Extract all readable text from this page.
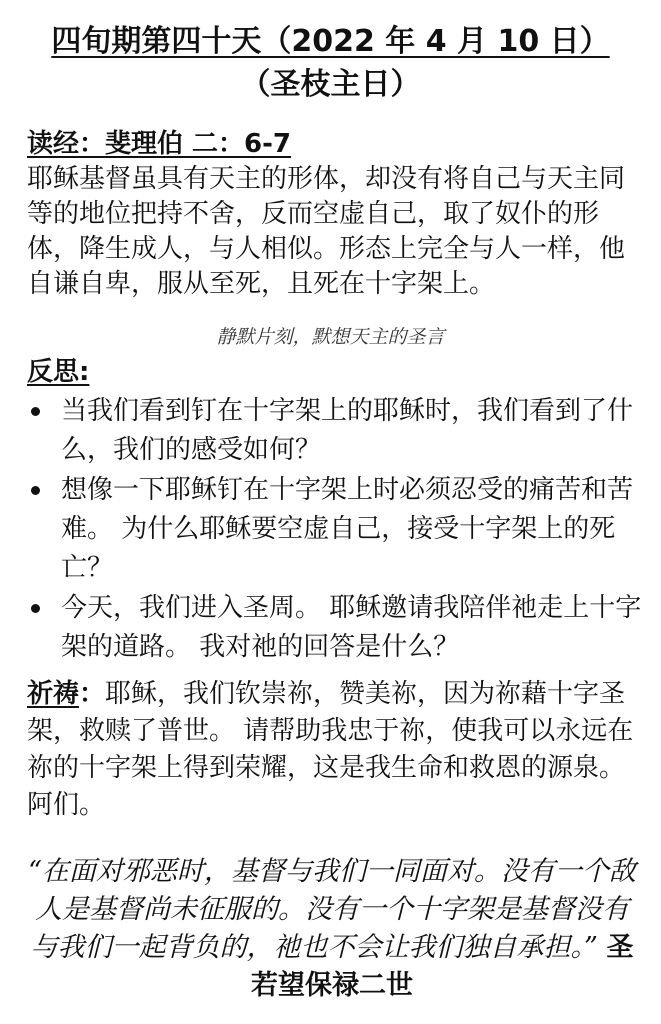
四旬期第四十天（2022 年 4 月 10 日）
（圣枝主日）
读经：斐理伯 二：6-7
耶稣基督虽具有天主的形体，却没有将自己与天主同等的地位把持不舍，反而空虚自己，取了奴仆的形体，降生成人，与人相似。形态上完全与人一样，他自谦自卑，服从至死，且死在十字架上。
静默片刻，默想天主的圣言
反思:
当我们看到钉在十字架上的耶稣时，我们看到了什么，我们的感受如何？
想像一下耶稣钉在十字架上时必须忍受的痛苦和苦难。 为什么耶稣要空虚自己，接受十字架上的死亡？
今天，我们进入圣周。 耶稣邀请我陪伴祂走上十字架的道路。 我对祂的回答是什么？
祈祷：耶稣，我们钦崇祢，赞美祢，因为祢藉十字圣架，救赎了普世。 请帮助我忠于祢，使我可以永远在祢的十字架上得到荣耀，这是我生命和救恩的源泉。 阿们。
“在面对邪恶时，基督与我们一同面对。没有一个敌人是基督尚未征服的。没有一个十字架是基督没有与我们一起背负的，祂也不会让我们独自承担。” 圣若望保禄二世
